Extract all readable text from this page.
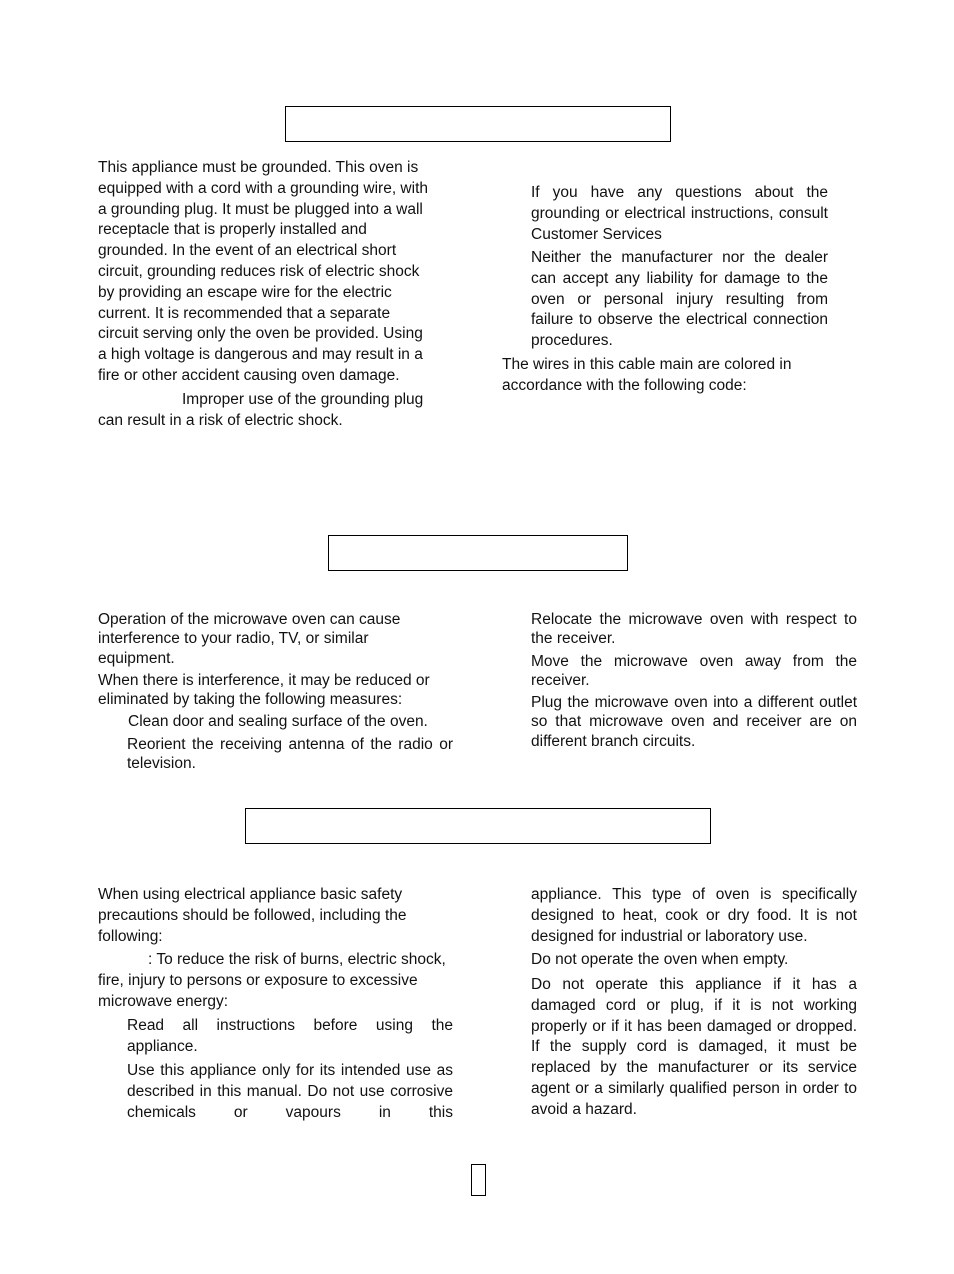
This appliance must be grounded. This oven is equipped with a cord with a grounding wire, with a grounding plug. It must be plugged into a wall receptacle that is properly installed and grounded. In the event of an electrical short circuit, grounding reduces risk of electric shock by providing an escape wire for the electric current. It is recommended that a separate circuit serving only the oven be provided. Using a high voltage is dangerous and may result in a fire or other accident causing oven damage.

Improper use of the grounding plug can result in a risk of electric shock.

If you have any questions about the grounding or electrical instructions, consult Customer Services
Neither the manufacturer nor the dealer can accept any liability for damage to the oven or personal injury resulting from failure to observe the electrical connection procedures.
The wires in this cable main are colored in accordance with the following code:
Operation of the microwave oven can cause interference to your radio, TV, or similar equipment.
When there is interference, it may be reduced or eliminated by taking the following measures:
Clean door and sealing surface of the oven.
Reorient the receiving antenna of the radio or television.
Relocate the microwave oven with respect to the receiver.
Move the microwave oven away from the receiver.
Plug the microwave oven into a different outlet so that microwave oven and receiver are on different branch circuits.
When using electrical appliance basic safety precautions should be followed, including the following:
: To reduce the risk of burns, electric shock, fire, injury to persons or exposure to excessive microwave energy:
Read all instructions before using the appliance.
Use this appliance only for its intended use as described in this manual. Do not use corrosive chemicals or vapours in this
appliance. This type of oven is specifically designed to heat, cook or dry food. It is not designed for industrial or laboratory use.
Do not operate the oven when empty.
Do not operate this appliance if it has a damaged cord or plug, if it is not working properly or if it has been damaged or dropped. If the supply cord is damaged, it must be replaced by the manufacturer or its service agent or a similarly qualified person in order to avoid a hazard.
